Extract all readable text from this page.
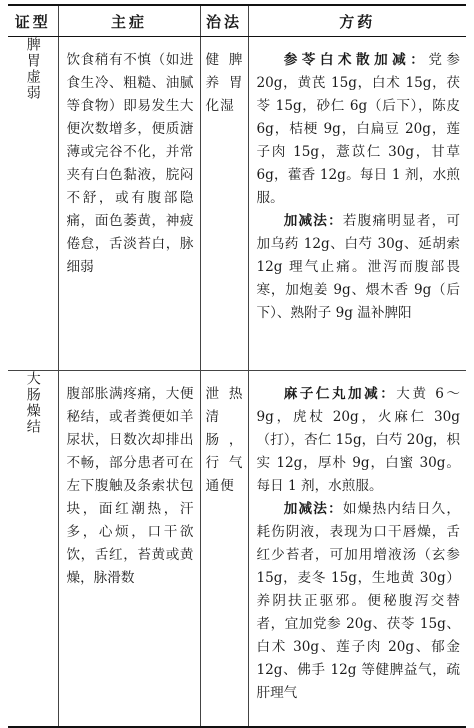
证型	主症	治法	方药
脾胃虚弱	饮食稍有不慎（如进食生冷、粗糙、油腻等食物）即易发生大便次数增多，便质溏薄或完谷不化，并常夹有白色黏液，脘闷不舒，或有腹部隐痛，面色萎黄，神疲倦怠，舌淡苔白，脉细弱	健脾养胃化湿	参苓白术散加减：党参 20g，黄芪 15g，白术 15g，茯苓 15g，砂仁 6g（后下），陈皮 6g，桔梗 9g，白扁豆 20g，莲子肉 15g，薏苡仁 30g，甘草 6g，藿香 12g。每日 1 剂，水煎服。

加减法：若腹痛明显者，可加乌药 12g、白芍 30g、延胡索 12g 理气止痛。泄泻而腹部畏寒，加炮姜 9g、煨木香 9g（后下）、熟附子 9g 温补脾阳

大肠燥结	腹部胀满疼痛，大便秘结，或者粪便如羊尿状，日数次却排出不畅，部分患者可在左下腹触及条索状包块，面红潮热，汗多，心烦，口干欲饮，舌红，苔黄或黄燥，脉滑数	泄热清肠，行气通便	麻子仁丸加减：大黄 6～9g，虎杖 20g，火麻仁 30g（打），杏仁 15g，白芍 20g，枳实 12g，厚朴 9g，白蜜 30g。每日 1 剂，水煎服。

加减法：如燥热内结日久，耗伤阴液，表现为口干唇燥，舌红少苔者，可加用增液汤（玄参 15g，麦冬 15g，生地黄 30g）养阴扶正驱邪。便秘腹泻交替者，宜加党参 20g、茯苓 15g、白术 30g、莲子肉 20g、郁金 12g、佛手 12g 等健脾益气，疏肝理气
